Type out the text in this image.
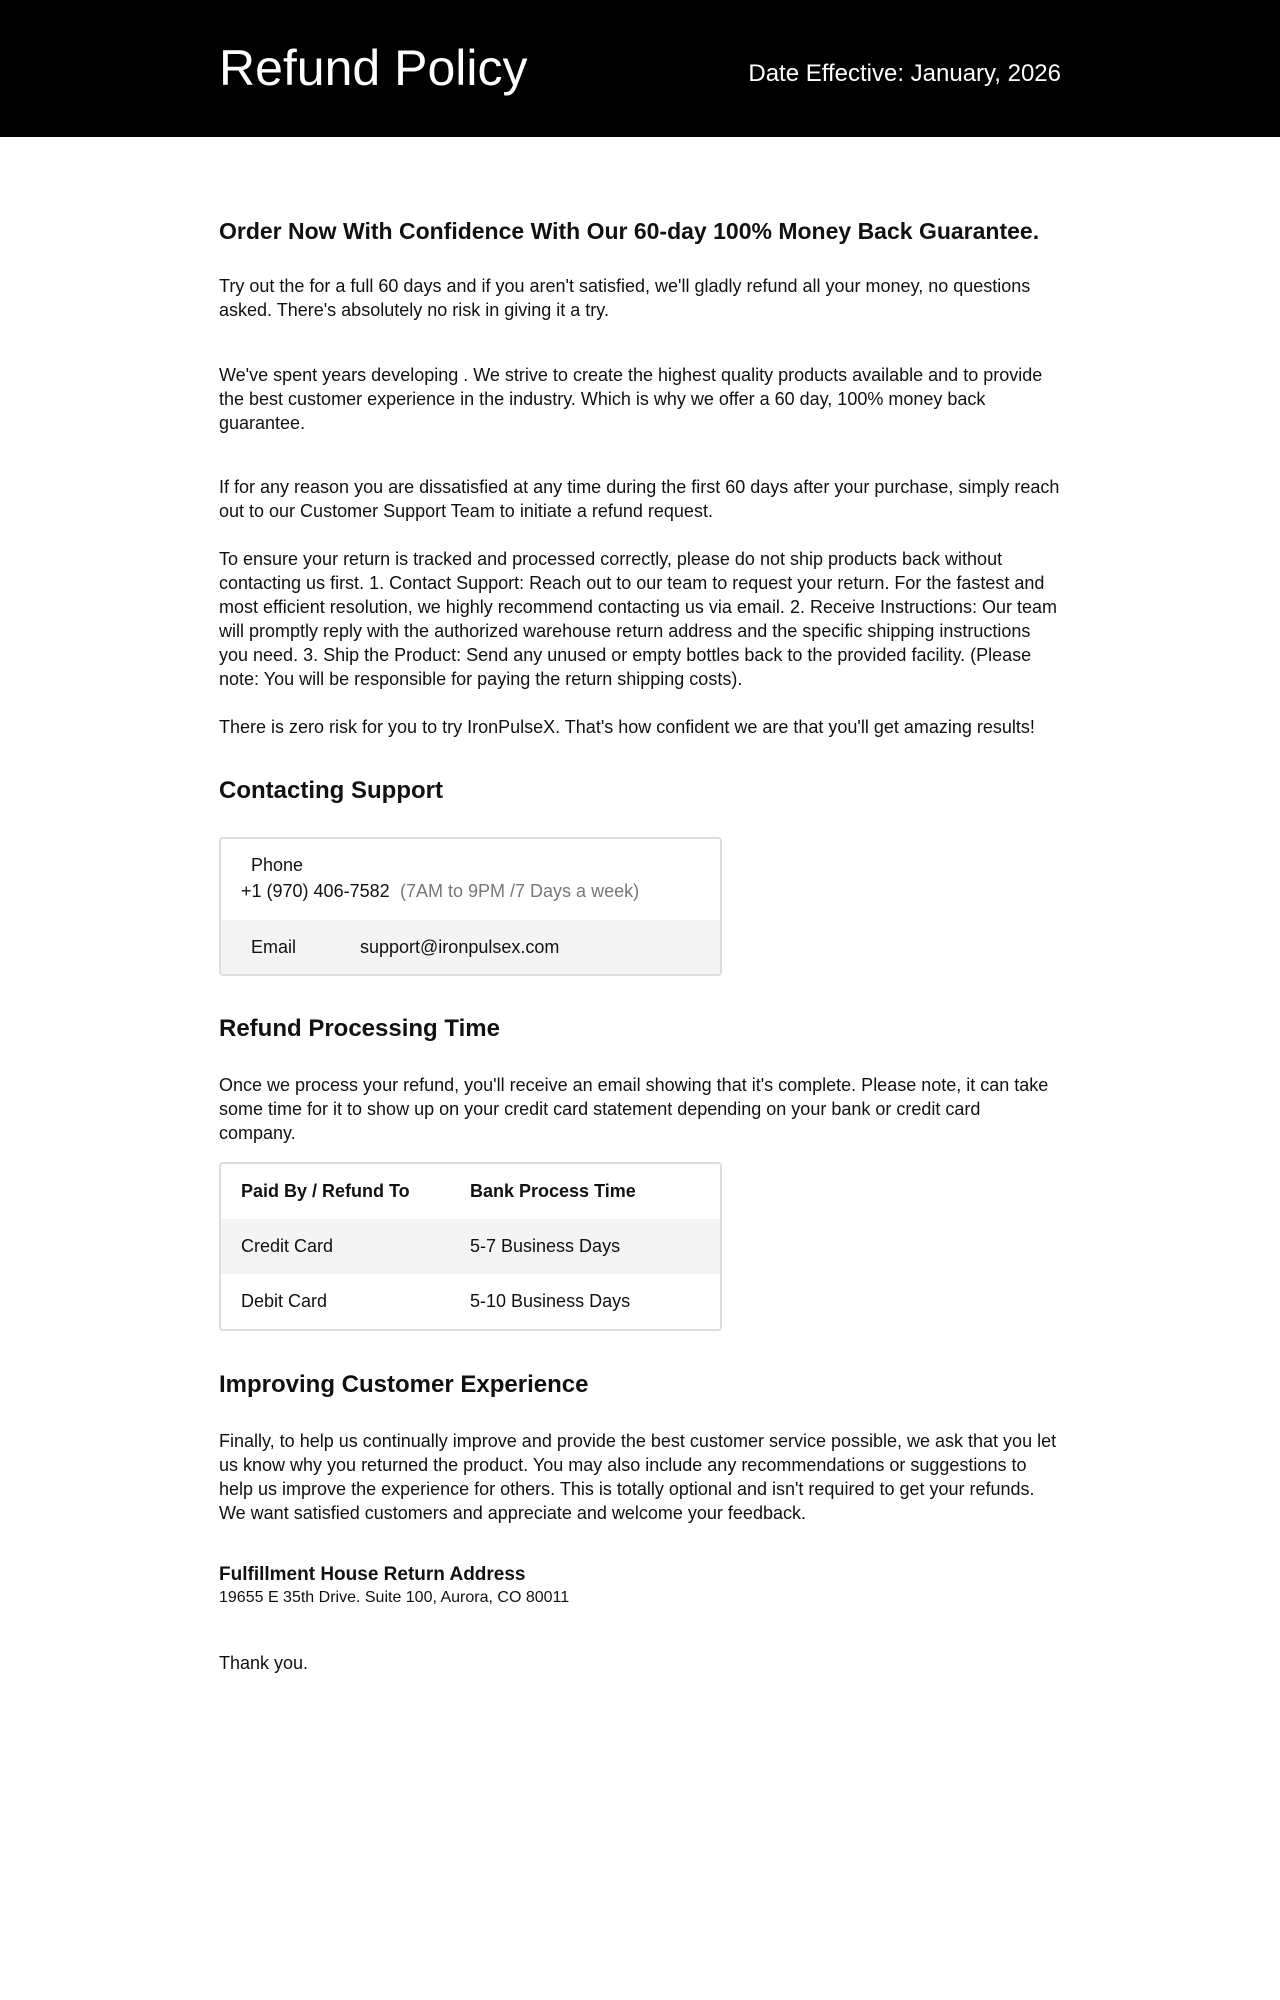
Refund Policy	Date Effective: January, 2026
Order Now With Confidence With Our 60-day 100% Money Back Guarantee.

Try out the for a full 60 days and if you aren't satisfied, we'll gladly refund all your money, no questions asked. There's absolutely no risk in giving it a try.

We've spent years developing . We strive to create the highest quality products available and to provide the best customer experience in the industry. Which is why we offer a 60 day, 100% money back guarantee.

If for any reason you are dissatisfied at any time during the first 60 days after your purchase, simply reach out to our Customer Support Team to initiate a refund request.

To ensure your return is tracked and processed correctly, please do not ship products back without contacting us first. 1. Contact Support: Reach out to our team to request your return. For the fastest and most efficient resolution, we highly recommend contacting us via email. 2. Receive Instructions: Our team will promptly reply with the authorized warehouse return address and the specific shipping instructions you need. 3. Ship the Product: Send any unused or empty bottles back to the provided facility. (Please note: You will be responsible for paying the return shipping costs).

There is zero risk for you to try IronPulseX. That's how confident we are that you'll get amazing results!

Contacting Support
Phone
+1 (970) 406-7582 (7AM to 9PM /7 Days a week)
Email	support@ironpulsex.com
Refund Processing Time

Once we process your refund, you'll receive an email showing that it's complete. Please note, it can take some time for it to show up on your credit card statement depending on your bank or credit card company.

Paid By / Refund To	Bank Process Time
Credit Card	5-7 Business Days
Debit Card	5-10 Business Days
Improving Customer Experience

Finally, to help us continually improve and provide the best customer service possible, we ask that you let us know why you returned the product. You may also include any recommendations or suggestions to help us improve the experience for others. This is totally optional and isn't required to get your refunds. We want satisfied customers and appreciate and welcome your feedback.

Fulfillment House Return Address

19655 E 35th Drive. Suite 100, Aurora, CO 80011

Thank you.
